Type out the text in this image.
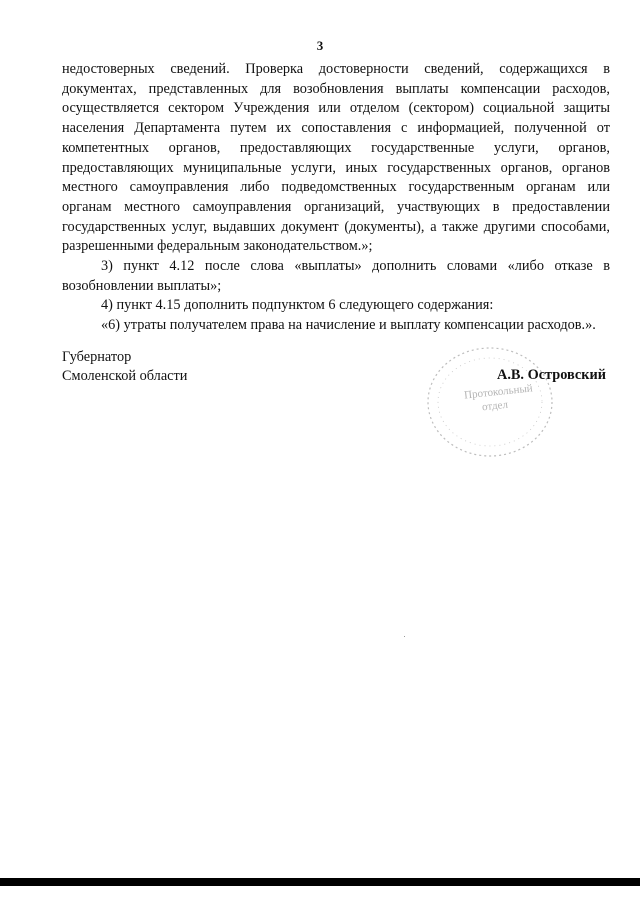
3

недостоверных сведений. Проверка достоверности сведений, содержащихся в документах, представленных для возобновления выплаты компенсации расходов, осуществляется сектором Учреждения или отделом (сектором) социальной защиты населения Департамента путем их сопоставления с информацией, полученной от компетентных органов, предоставляющих государственные услуги, органов, предоставляющих муниципальные услуги, иных государственных органов, органов местного самоуправления либо подведомственных государственным органам или органам местного самоуправления организаций, участвующих в предоставлении государственных услуг, выдавших документ (документы), а также другими способами, разрешенными федеральным законодательством.»;

3) пункт 4.12 после слова «выплаты» дополнить словами «либо отказе в возобновлении выплаты»;

4) пункт 4.15 дополнить подпунктом 6 следующего содержания:

«6) утраты получателем права на начисление и выплату компенсации расходов.».

Губернатор
Смоленской области
Протокольный
отдел
А.В. Островский
